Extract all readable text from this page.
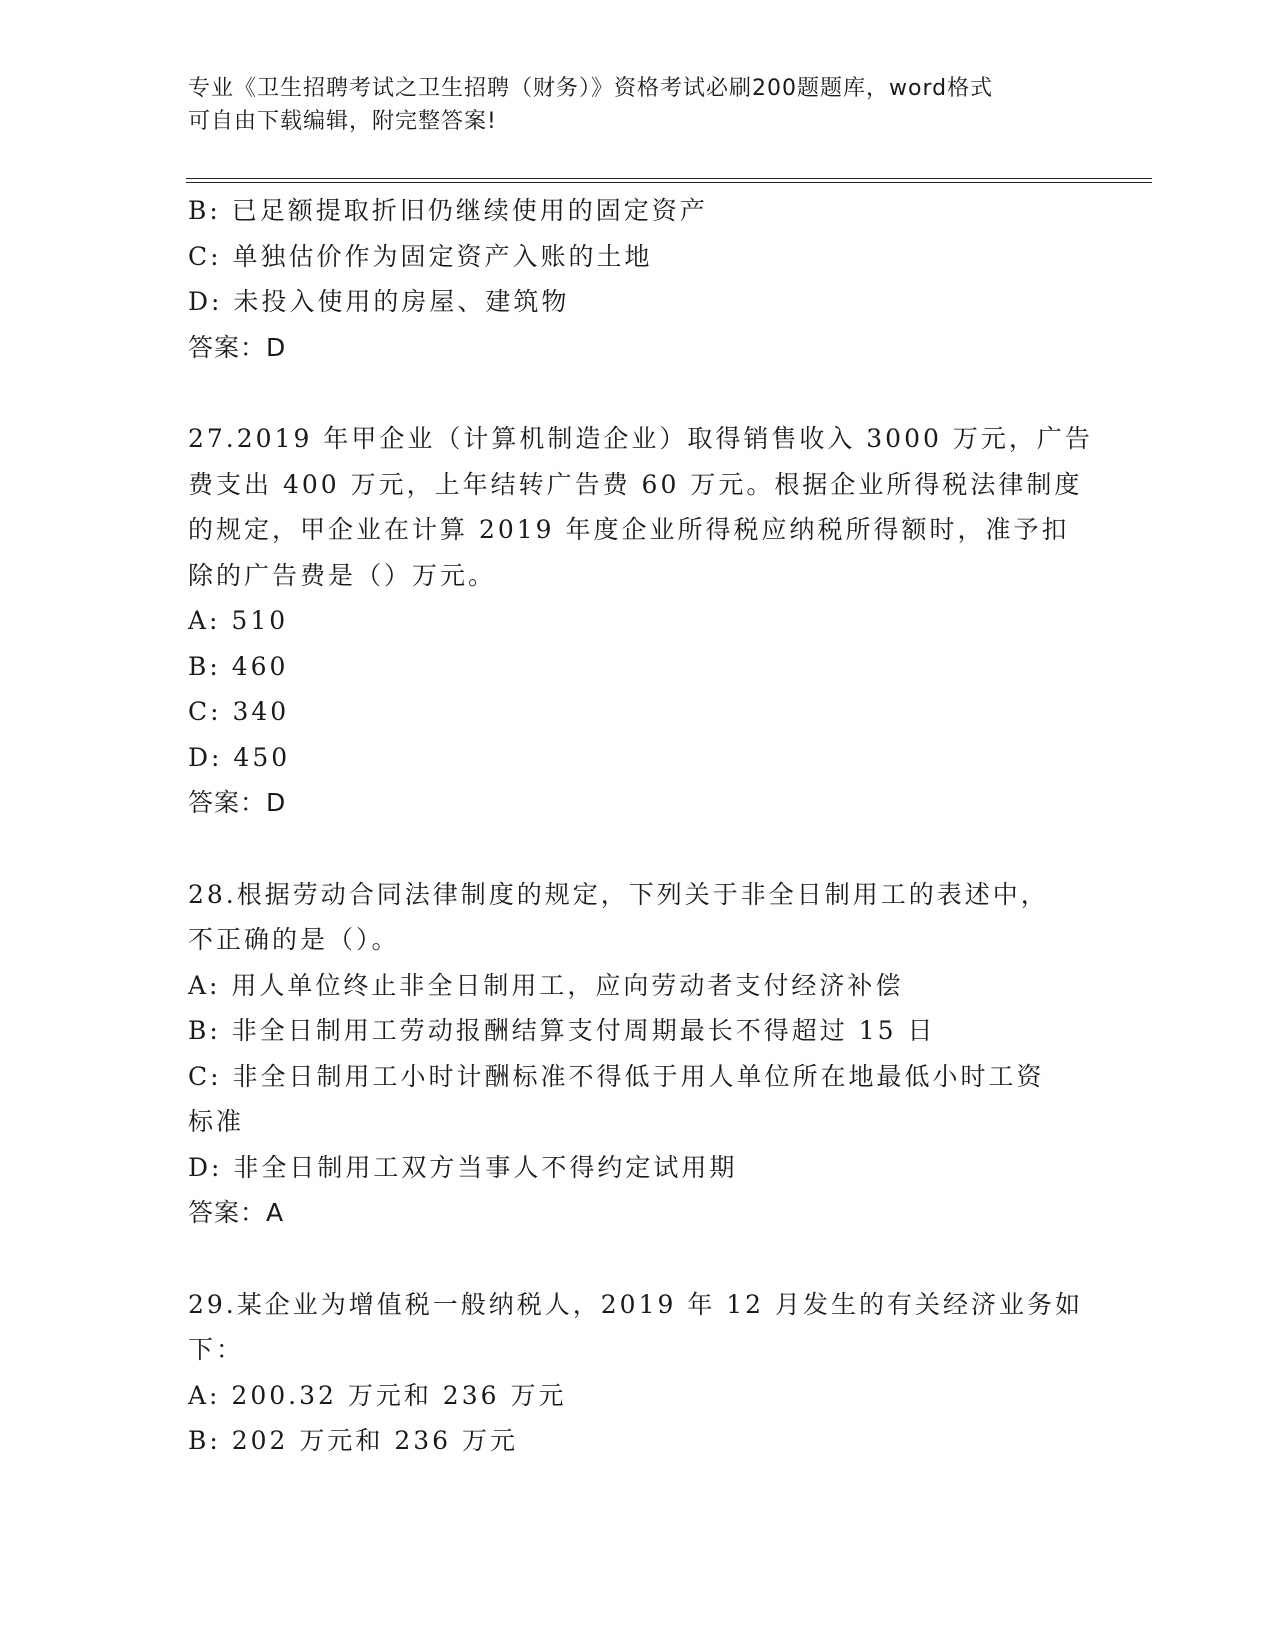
专业《卫生招聘考试之卫生招聘（财务）》资格考试必刷200题题库，word格式

可自由下载编辑，附完整答案!

B: 已足额提取折旧仍继续使用的固定资产
C: 单独估价作为固定资产入账的土地
D: 未投入使用的房屋、建筑物
答案：D
27.2019 年甲企业（计算机制造企业）取得销售收入 3000 万元，广告
费支出 400 万元，上年结转广告费 60 万元。根据企业所得税法律制度
的规定，甲企业在计算 2019 年度企业所得税应纳税所得额时，准予扣
除的广告费是（）万元。
A: 510
B: 460
C: 340
D: 450
答案：D
28.根据劳动合同法律制度的规定，下列关于非全日制用工的表述中，
不正确的是（）。
A: 用人单位终止非全日制用工，应向劳动者支付经济补偿
B: 非全日制用工劳动报酬结算支付周期最长不得超过 15 日
C: 非全日制用工小时计酬标准不得低于用人单位所在地最低小时工资
标准
D: 非全日制用工双方当事人不得约定试用期
答案：A
29.某企业为增值税一般纳税人，2019 年 12 月发生的有关经济业务如
下：
A: 200.32 万元和 236 万元
B: 202 万元和 236 万元
